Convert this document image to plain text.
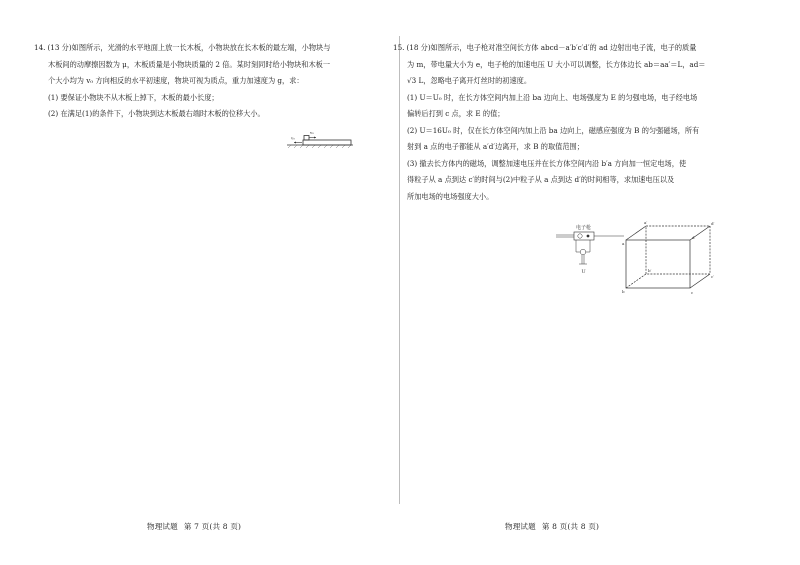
14. (13 分)如图所示，光滑的水平地面上放一长木板，小物块放在长木板的最左端，小物块与

木板间的动摩擦因数为 μ，木板质量是小物块质量的 2 倍。某时刻同时给小物块和木板一

个大小均为 v₀ 方向相反的水平初速度，物块可视为质点，重力加速度为 g，求：

(1) 要保证小物块不从木板上掉下，木板的最小长度；

(2) 在满足(1)的条件下，小物块到达木板最右端时木板的位移大小。

v₀
v₀
物理试题 第 7 页(共 8 页)

15. (18 分)如图所示，电子枪对准空间长方体 abcd－a′b′c′d′的 ad 边射出电子流，电子的质量

为 m，带电量大小为 e，电子枪的加速电压 U 大小可以调整，长方体边长 ab＝aa′＝L，ad＝

√3 L，忽略电子离开灯丝时的初速度。

(1) U＝U₀ 时，在长方体空间内加上沿 ba 边向上、电场强度为 E 的匀强电场，电子经电场

偏转后打到 c 点，求 E 的值；

(2) U＝16U₀ 时，仅在长方体空间内加上沿 ba 边向上，磁感应强度为 B 的匀强磁场，所有

射到 a 点的电子都能从 a′d′边离开，求 B 的取值范围；

(3) 撤去长方体内的磁场，调整加速电压并在长方体空间内沿 b′a 方向加一恒定电场，使

得粒子从 a 点到达 c′的时间与(2)中粒子从 a 点到达 d′的时间相等，求加速电压以及

所加电场的电场强度大小。

电子枪
U
a
b	c
d
a′
b′
c′
d′
物理试题 第 8 页(共 8 页)
